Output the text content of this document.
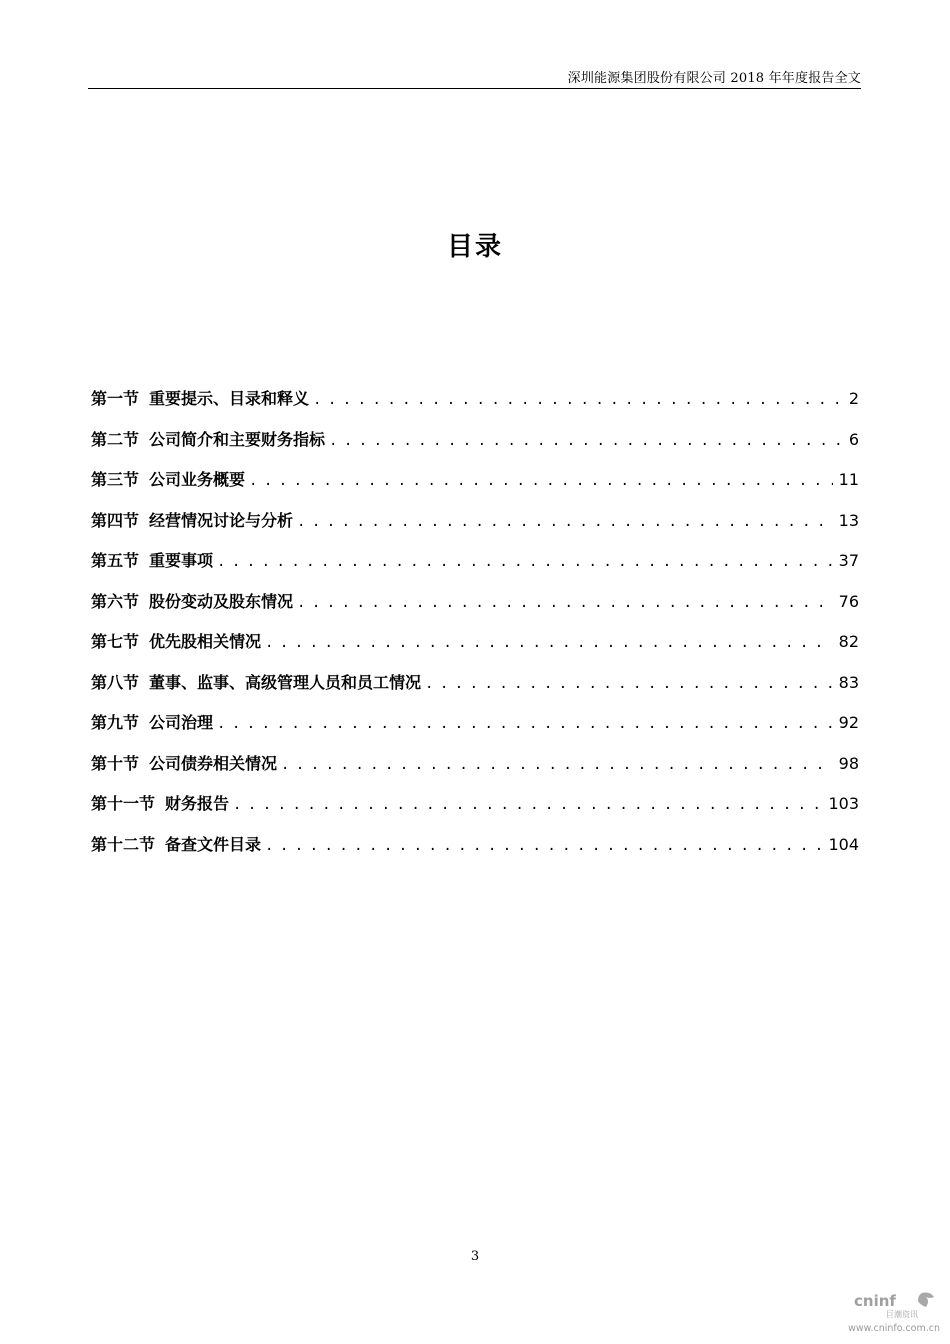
深圳能源集团股份有限公司 2018 年年度报告全文
目录
第一节 重要提示、目录和释义 . . .	2
第二节 公司简介和主要财务指标 . . .	6
第三节 公司业务概要 . . .	11
第四节 经营情况讨论与分析 . . .	13
第五节 重要事项 . . .	37
第六节 股份变动及股东情况 . . .	76
第七节 优先股相关情况 . . .	82
第八节 董事、监事、高级管理人员和员工情况 . . .	83
第九节 公司治理 . . .	92
第十节 公司债券相关情况 . . .	98
第十一节 财务报告 . . .	103
第十二节 备查文件目录 . . .	104
3
cninf
巨潮资讯
www.cninfo.com.cn
